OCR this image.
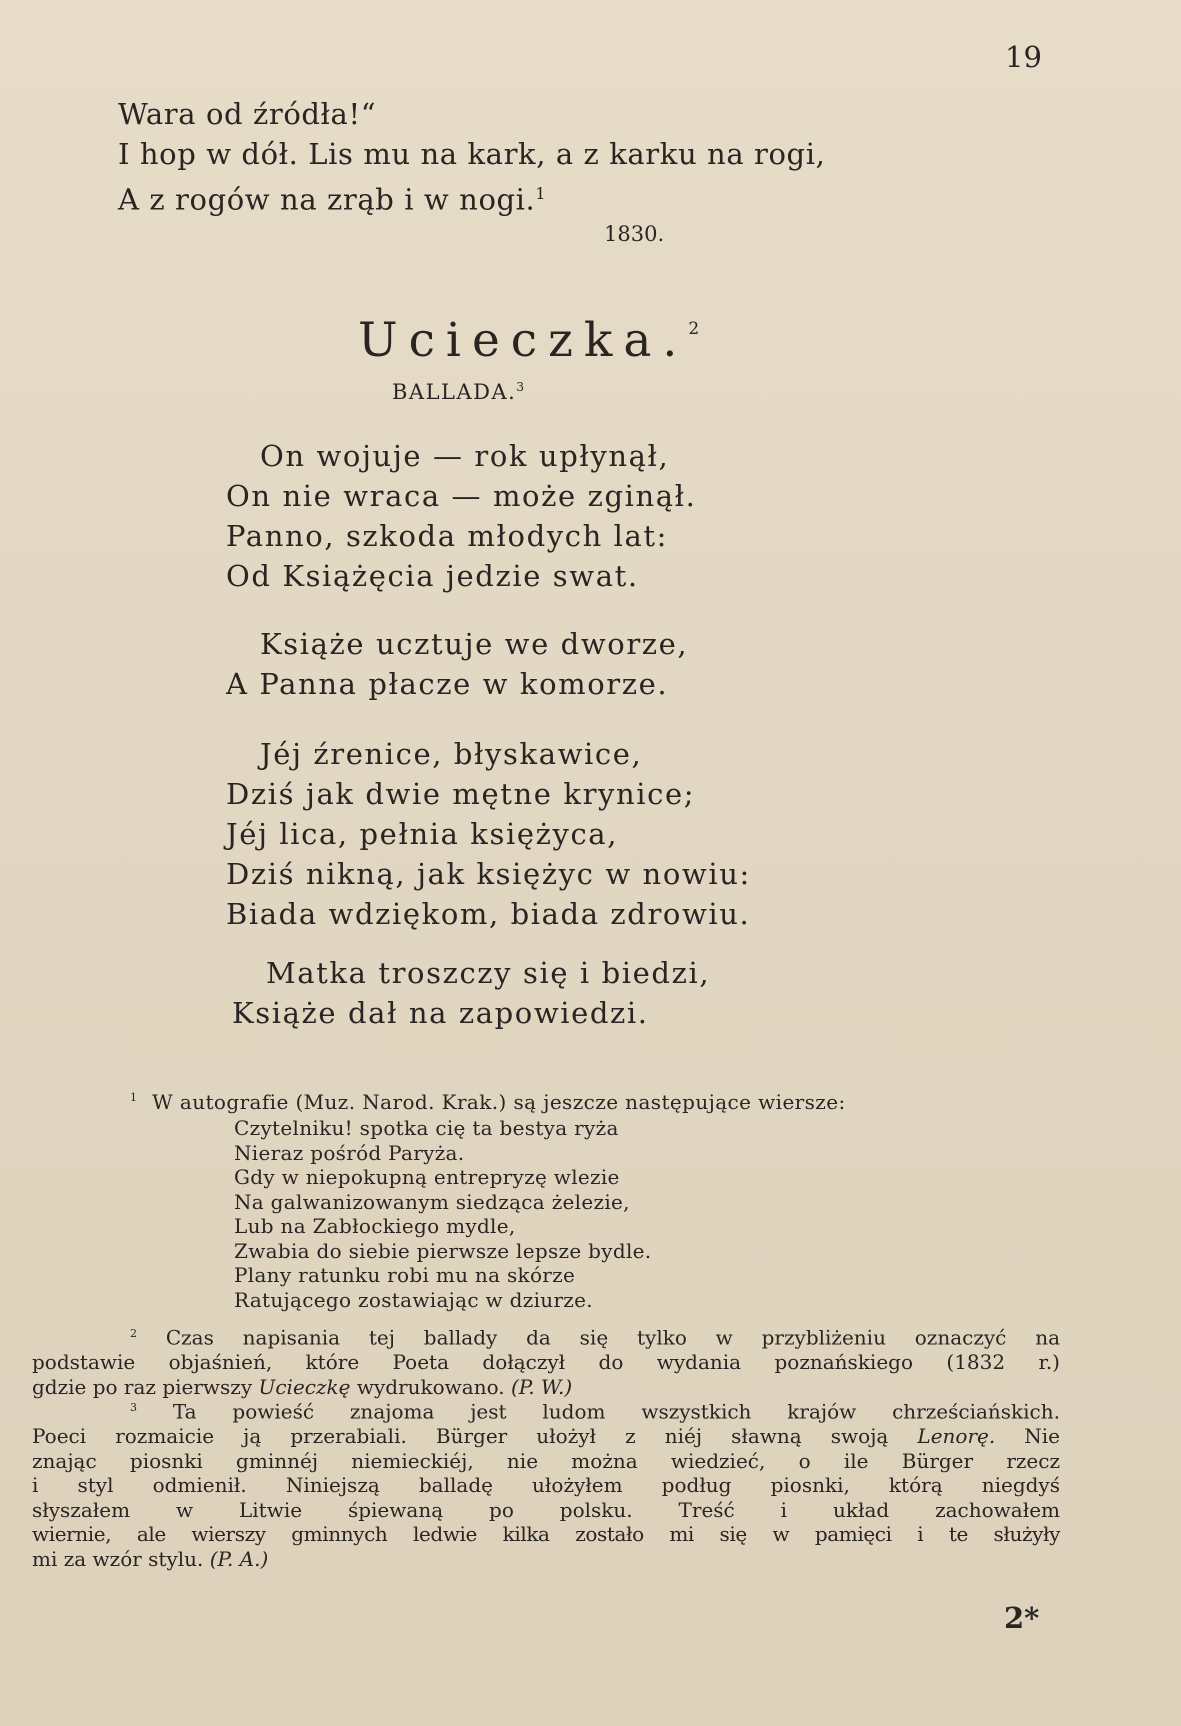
19
Wara od źródła!“
I hop w dół. Lis mu na kark, a z karku na rogi,
A z rogów na zrąb i w nogi.$^1$
1830.
Ucieczka.$^2$
BALLADA.$^3$
On wojuje — rok upłynął,
On nie wraca — może zginął.
Panno, szkoda młodych lat:
Od Książęcia jedzie swat.
Książe ucztuje we dworze,
A Panna płacze w komorze.
Jéj źrenice, błyskawice,
Dziś jak dwie mętne krynice;
Jéj lica, pełnia księżyca,
Dziś nikną, jak księżyc w nowiu:
Biada wdziękom, biada zdrowiu.
Matka troszczy się i biedzi,
Książe dał na zapowiedzi.
$^1$ W autografie (Muz. Narod. Krak.) są jeszcze następujące wiersze:
Czytelniku! spotka cię ta bestya ryża
Nieraz pośród Paryża.
Gdy w niepokupną entrepryzę wlezie
Na galwanizowanym siedząca żelezie,
Lub na Zabłockiego mydle,
Zwabia do siebie pierwsze lepsze bydle.
Plany ratunku robi mu na skórze
Ratującego zostawiając w dziurze.
$^2$ Czas napisania tej ballady da się tylko w przybliżeniu oznaczyć na
podstawie objaśnień, które Poeta dołączył do wydania poznańskiego (1832 r.)
gdzie po raz pierwszy Ucieczkę wydrukowano. (P. W.)
$^3$ Ta powieść znajoma jest ludom wszystkich krajów chrześciańskich.
Poeci rozmaicie ją przerabiali. Bürger ułożył z niéj sławną swoją Lenorę. Nie
znając piosnki gminnéj niemieckiéj, nie można wiedzieć, o ile Bürger rzecz
i styl odmienił. Niniejszą balladę ułożyłem podług piosnki, którą niegdyś
słyszałem w Litwie śpiewaną po polsku. Treść i układ zachowałem
wiernie, ale wierszy gminnych ledwie kilka zostało mi się w pamięci i te służyły
mi za wzór stylu. (P. A.)
2*
